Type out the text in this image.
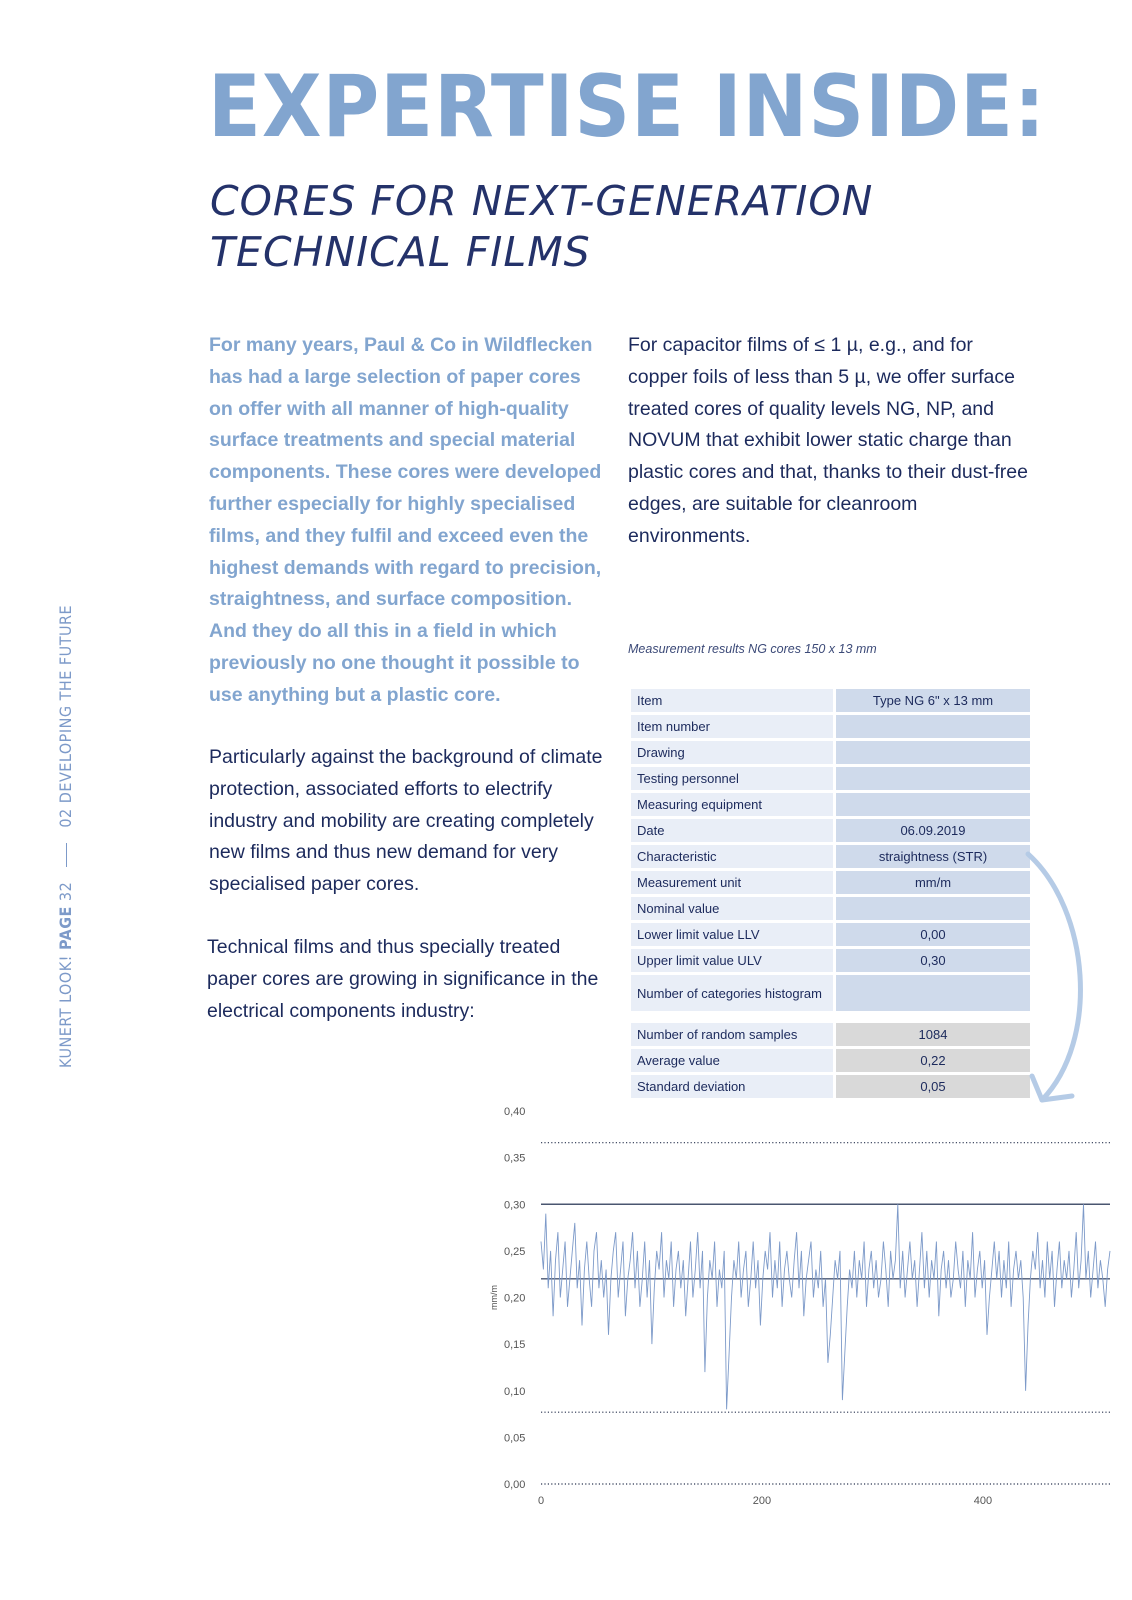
EXPERTISE INSIDE:
CORES FOR NEXT-GENERATION TECHNICAL FILMS

For many years, Paul & Co in Wildflecken has had a large selection of paper cores on offer with all manner of high-quality surface treatments and special material components. These cores were developed further especially for highly specialised films, and they fulfil and exceed even the highest demands with regard to precision, straightness, and surface composition. And they do all this in a field in which previously no one thought it possible to use anything but a plastic core.

Particularly against the background of climate protection, associated efforts to electrify industry and mobility are creating completely new films and thus new demand for very specialised paper cores.

Technical films and thus specially treated paper cores are growing in significance in the electrical components industry:

For capacitor films of ≤ 1 µ, e.g., and for copper foils of less than 5 µ, we offer surface treated cores of quality levels NG, NP, and NOVUM that exhibit lower static charge than plastic cores and that, thanks to their dust-free edges, are suitable for cleanroom environments.

KUNERT LOOK! PAGE 32  02 DEVELOPING THE FUTURE	Measurement results NG cores 150 x 13 mm

Item	Type NG 6" x 13 mm
Item number	
Drawing	
Testing personnel	
Measuring equipment	
Date	06.09.2019
Characteristic	straightness (STR)
Measurement unit	mm/m
Nominal value	
Lower limit value LLV	0,00
Upper limit value ULV	0,30
Number of categories histogram	
Number of random samples	1084
Average value	0,22
Standard deviation	0,05
0,00
0,05
0,10
0,15
0,20
0,25
0,30
0,35
0,40
0	200	400
mm/m
